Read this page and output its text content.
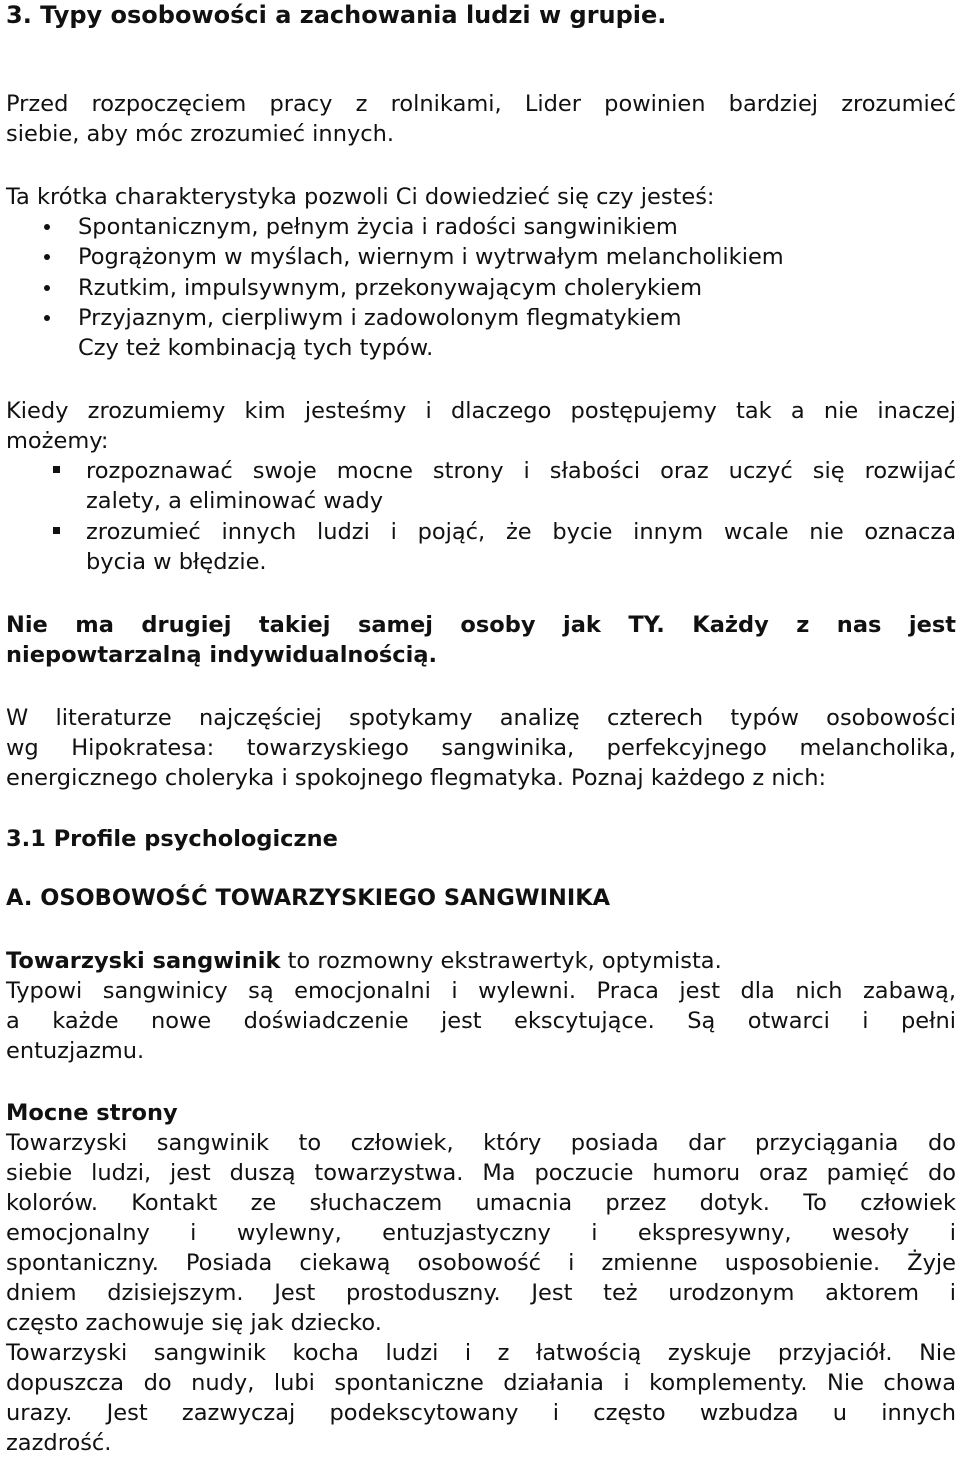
3. Typy osobowości a zachowania ludzi w grupie.
Przed rozpoczęciem pracy z rolnikami, Lider powinien bardziej zrozumieć
siebie, aby móc zrozumieć innych.
Ta krótka charakterystyka pozwoli Ci dowiedzieć się czy jesteś:
Spontanicznym, pełnym życia i radości sangwinikiem
Pogrążonym w myślach, wiernym i wytrwałym melancholikiem
Rzutkim, impulsywnym, przekonywającym cholerykiem
Przyjaznym, cierpliwym i zadowolonym flegmatykiem
Czy też kombinacją tych typów.
Kiedy zrozumiemy kim jesteśmy i dlaczego postępujemy tak a nie inaczej
możemy:
rozpoznawać swoje mocne strony i słabości oraz uczyć się rozwijać
zalety, a eliminować wady
zrozumieć innych ludzi i pojąć, że bycie innym wcale nie oznacza
bycia w błędzie.
Nie ma drugiej takiej samej osoby jak TY. Każdy z nas jest
niepowtarzalną indywidualnością.
W literaturze najczęściej spotykamy analizę czterech typów osobowości
wg Hipokratesa: towarzyskiego sangwinika, perfekcyjnego melancholika,
energicznego choleryka i spokojnego flegmatyka. Poznaj każdego z nich:
3.1 Profile psychologiczne
A. OSOBOWOŚĆ TOWARZYSKIEGO SANGWINIKA
Towarzyski sangwinik to rozmowny ekstrawertyk, optymista.
Typowi sangwinicy są emocjonalni i wylewni. Praca jest dla nich zabawą,
a każde nowe doświadczenie jest ekscytujące. Są otwarci i pełni
entuzjazmu.
Mocne strony
Towarzyski sangwinik to człowiek, który posiada dar przyciągania do
siebie ludzi, jest duszą towarzystwa. Ma poczucie humoru oraz pamięć do
kolorów. Kontakt ze słuchaczem umacnia przez dotyk. To człowiek
emocjonalny i wylewny, entuzjastyczny i ekspresywny, wesoły i
spontaniczny. Posiada ciekawą osobowość i zmienne usposobienie. Żyje
dniem dzisiejszym. Jest prostoduszny. Jest też urodzonym aktorem i
często zachowuje się jak dziecko.
Towarzyski sangwinik kocha ludzi i z łatwością zyskuje przyjaciół. Nie
dopuszcza do nudy, lubi spontaniczne działania i komplementy. Nie chowa
urazy. Jest zazwyczaj podekscytowany i często wzbudza u innych
zazdrość.
